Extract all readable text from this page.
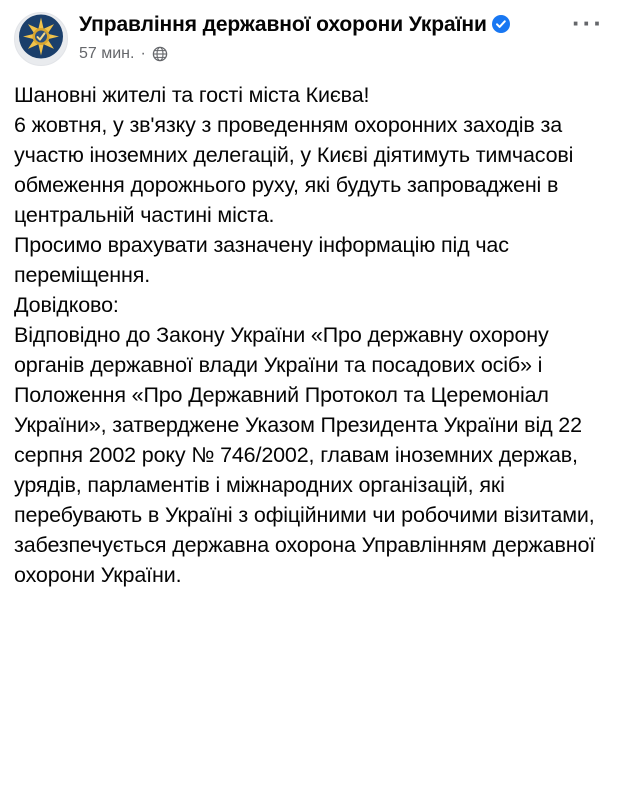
Управління державної охорони України
57 мин. ·
···

Шановні жителі та гості міста Києва!

6 жовтня, у зв'язку з проведенням охоронних заходів за участю іноземних делегацій, у Києві діятимуть тимчасові обмеження дорожнього руху, які будуть запроваджені в центральній частині міста.

Просимо врахувати зазначену інформацію під час переміщення.

Довідково:

Відповідно до Закону України «Про державну охорону органів державної влади України та посадових осіб» і Положення «Про Державний Протокол та Церемоніал України», затверджене Указом Президента України від 22 серпня 2002 року № 746/2002, главам іноземних держав, урядів, парламентів і міжнародних організацій, які перебувають в Україні з офіційними чи робочими візитами, забезпечується державна охорона Управлінням державної охорони України.
